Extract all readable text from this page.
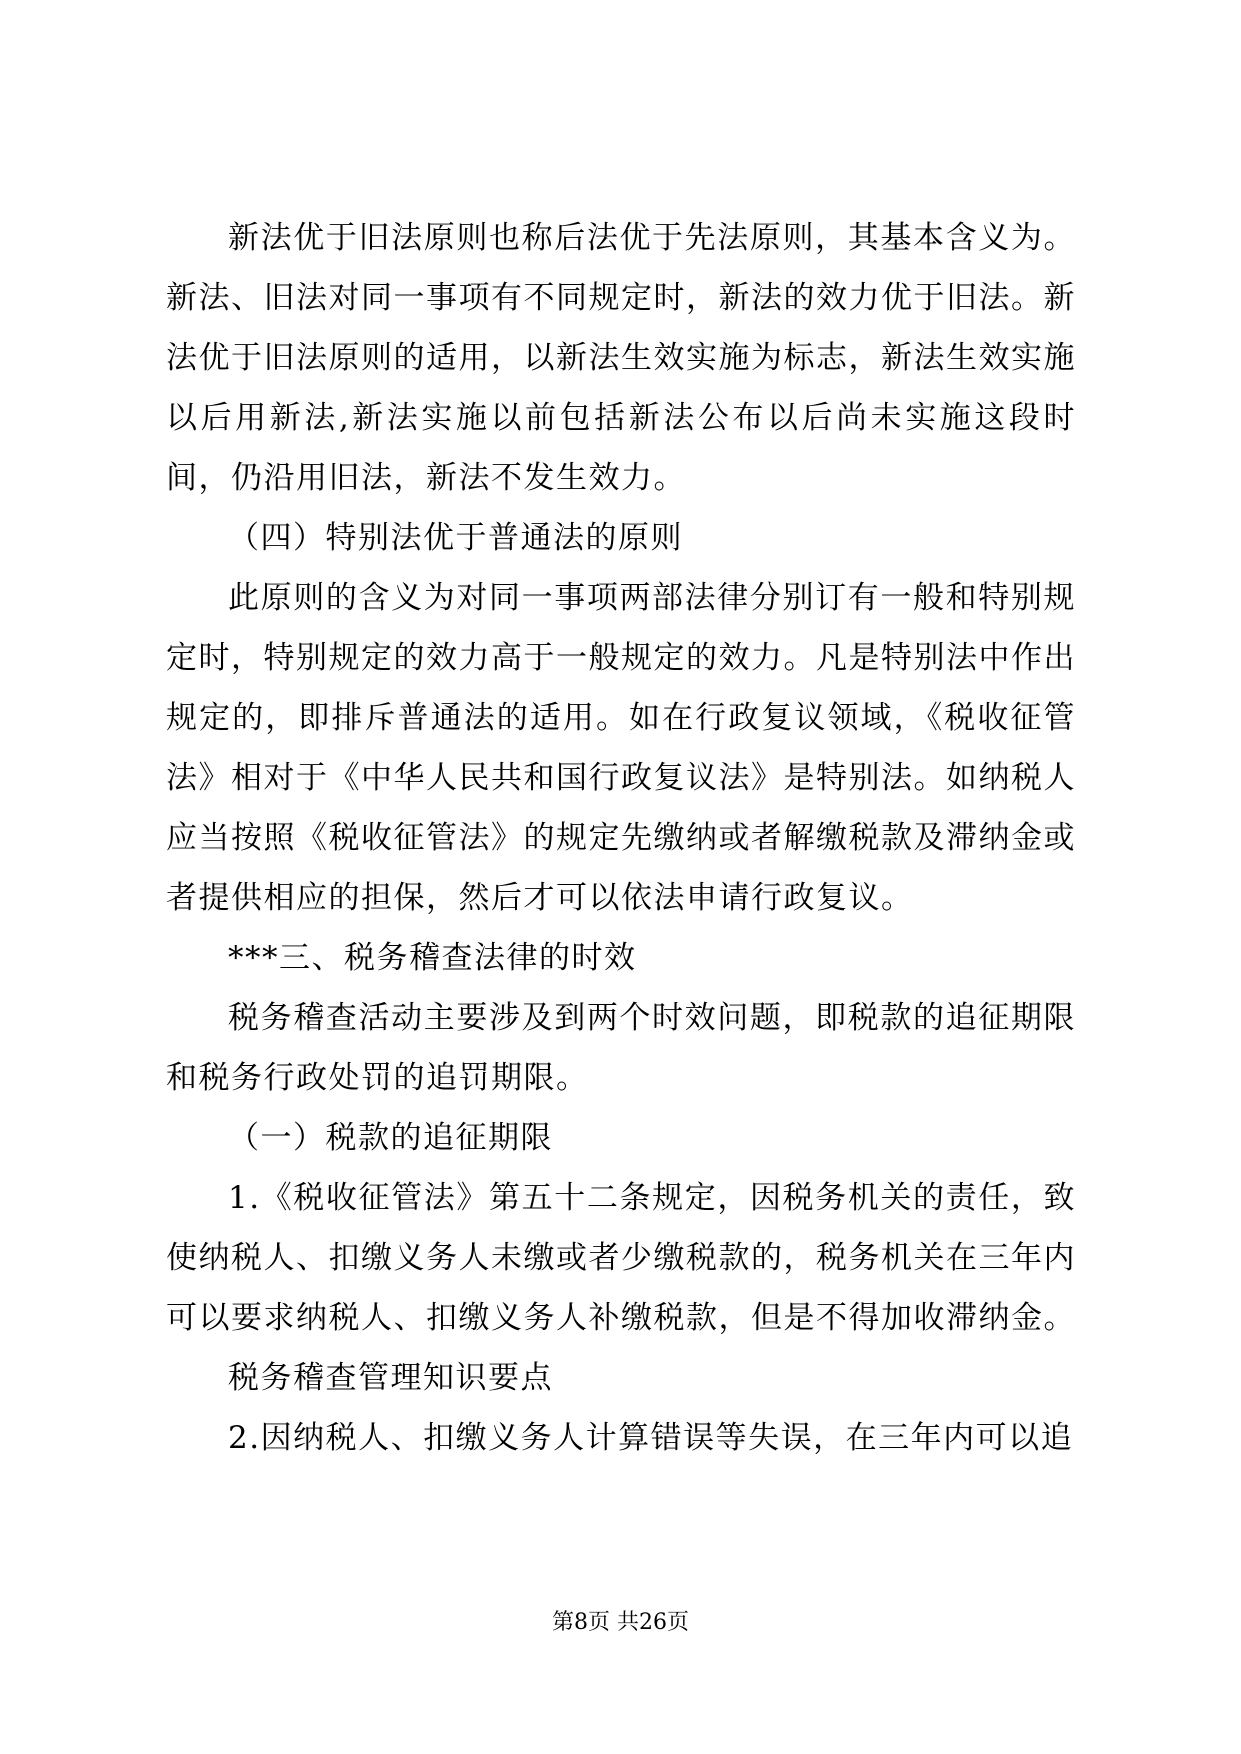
新法优于旧法原则也称后法优于先法原则，其基本含义为。新法、旧法对同一事项有不同规定时，新法的效力优于旧法。新法优于旧法原则的适用，以新法生效实施为标志，新法生效实施以后用新法,新法实施以前包括新法公布以后尚未实施这段时间，仍沿用旧法，新法不发生效力。

（四）特别法优于普通法的原则

此原则的含义为对同一事项两部法律分别订有一般和特别规定时，特别规定的效力高于一般规定的效力。凡是特别法中作出规定的，即排斥普通法的适用。如在行政复议领域，《税收征管法》相对于《中华人民共和国行政复议法》是特别法。如纳税人应当按照《税收征管法》的规定先缴纳或者解缴税款及滞纳金或者提供相应的担保，然后才可以依法申请行政复议。

***三、税务稽查法律的时效

税务稽查活动主要涉及到两个时效问题，即税款的追征期限和税务行政处罚的追罚期限。

（一）税款的追征期限

1.《税收征管法》第五十二条规定，因税务机关的责任，致使纳税人、扣缴义务人未缴或者少缴税款的，税务机关在三年内可以要求纳税人、扣缴义务人补缴税款，但是不得加收滞纳金。

税务稽查管理知识要点

2.因纳税人、扣缴义务人计算错误等失误，在三年内可以追

第8页 共26页
